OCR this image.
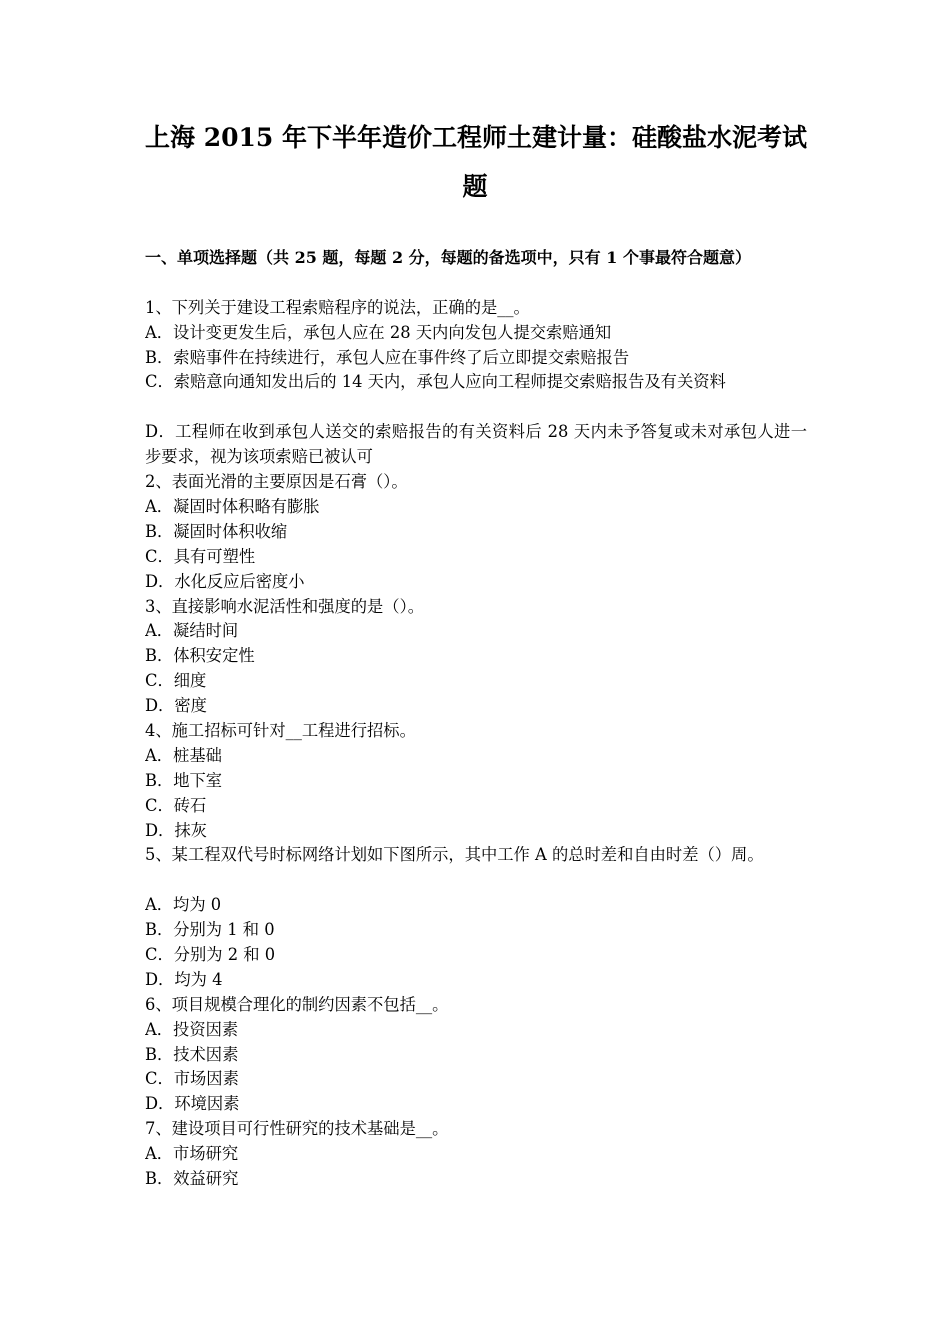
上海 2015 年下半年造价工程师土建计量：硅酸盐水泥考试
题
一、单项选择题（共 25 题，每题 2 分，每题的备选项中，只有 1 个事最符合题意）
1、下列关于建设工程索赔程序的说法，正确的是__。
A．设计变更发生后，承包人应在 28 天内向发包人提交索赔通知
B．索赔事件在持续进行，承包人应在事件终了后立即提交索赔报告
C．索赔意向通知发出后的 14 天内，承包人应向工程师提交索赔报告及有关资料
D．工程师在收到承包人送交的索赔报告的有关资料后 28 天内未予答复或未对承包人进一步要求，视为该项索赔已被认可
2、表面光滑的主要原因是石膏（）。
A．凝固时体积略有膨胀
B．凝固时体积收缩
C．具有可塑性
D．水化反应后密度小
3、直接影响水泥活性和强度的是（）。
A．凝结时间
B．体积安定性
C．细度
D．密度
4、施工招标可针对__工程进行招标。
A．桩基础
B．地下室
C．砖石
D．抹灰
5、某工程双代号时标网络计划如下图所示，其中工作 A 的总时差和自由时差（）周。
A．均为 0
B．分别为 1 和 0
C．分别为 2 和 0
D．均为 4
6、项目规模合理化的制约因素不包括__。
A．投资因素
B．技术因素
C．市场因素
D．环境因素
7、建设项目可行性研究的技术基础是__。
A．市场研究
B．效益研究
